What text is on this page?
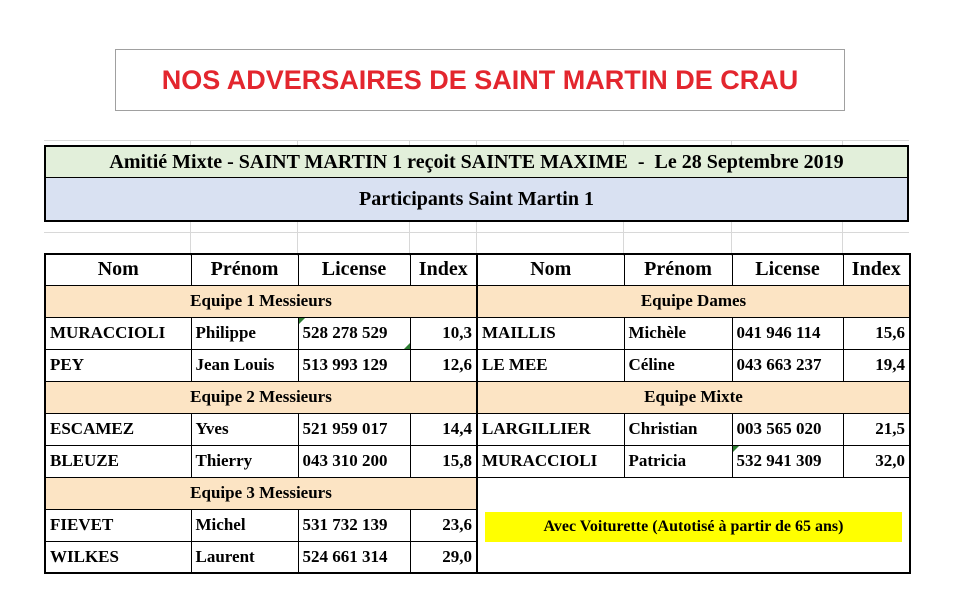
NOS ADVERSAIRES DE SAINT MARTIN DE CRAU
Amitié Mixte - SAINT MARTIN 1 reçoit SAINTE MAXIME  -  Le 28 Septembre 2019
Participants Saint Martin 1
Nom	Prénom	License	Index	Nom	Prénom	License	Index
Equipe 1 Messieurs				Equipe Dames			
MURACCIOLI	Philippe	528 278 529	10,3	MAILLIS	Michèle	041 946 114	15,6
PEY	Jean Louis	513 993 129	12,6	LE MEE	Céline	043 663 237	19,4
Equipe 2 Messieurs				Equipe Mixte			
ESCAMEZ	Yves	521 959 017	14,4	LARGILLIER	Christian	003 565 020	21,5
BLEUZE	Thierry	043 310 200	15,8	MURACCIOLI	Patricia	532 941 309	32,0
Equipe 3 Messieurs							
FIEVET	Michel	531 732 139	23,6	Avec Voiturette (Autotisé à partir de 65 ans)			

WILKES	Laurent	524 661 314	29,0				
